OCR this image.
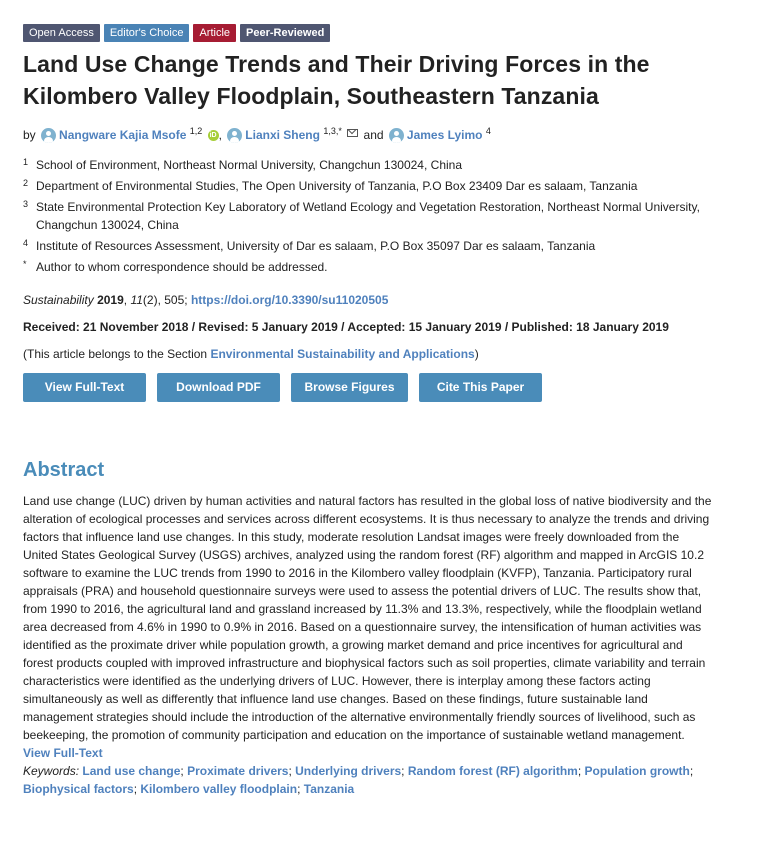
Open Access	Editor's Choice	Article	Peer-Reviewed
Land Use Change Trends and Their Driving Forces in the Kilombero Valley Floodplain, Southeastern Tanzania
by Nangware Kajia Msofe $^{1,2}$ iD , Lianxi Sheng $^{1,3,*}$ and James Lyimo $^4$
1 School of Environment, Northeast Normal University, Changchun 130024, China
2 Department of Environmental Studies, The Open University of Tanzania, P.O Box 23409 Dar es salaam, Tanzania
3 State Environmental Protection Key Laboratory of Wetland Ecology and Vegetation Restoration, Northeast Normal University, Changchun 130024, China
4 Institute of Resources Assessment, University of Dar es salaam, P.O Box 35097 Dar es salaam, Tanzania
* Author to whom correspondence should be addressed.
Sustainability 2019, 11(2), 505; https://doi.org/10.3390/su11020505
Received: 21 November 2018 / Revised: 5 January 2019 / Accepted: 15 January 2019 / Published: 18 January 2019
(This article belongs to the Section Environmental Sustainability and Applications)
View Full-Text	Download PDF	Browse Figures	Cite This Paper
Abstract
Land use change (LUC) driven by human activities and natural factors has resulted in the global loss of native biodiversity and the alteration of ecological processes and services across different ecosystems. It is thus necessary to analyze the trends and driving factors that influence land use changes. In this study, moderate resolution Landsat images were freely downloaded from the United States Geological Survey (USGS) archives, analyzed using the random forest (RF) algorithm and mapped in ArcGIS 10.2 software to examine the LUC trends from 1990 to 2016 in the Kilombero valley floodplain (KVFP), Tanzania. Participatory rural appraisals (PRA) and household questionnaire surveys were used to assess the potential drivers of LUC. The results show that, from 1990 to 2016, the agricultural land and grassland increased by 11.3% and 13.3%, respectively, while the floodplain wetland area decreased from 4.6% in 1990 to 0.9% in 2016. Based on a questionnaire survey, the intensification of human activities was identified as the proximate driver while population growth, a growing market demand and price incentives for agricultural and forest products coupled with improved infrastructure and biophysical factors such as soil properties, climate variability and terrain characteristics were identified as the underlying drivers of LUC. However, there is interplay among these factors acting simultaneously as well as differently that influence land use changes. Based on these findings, future sustainable land management strategies should include the introduction of the alternative environmentally friendly sources of livelihood, such as beekeeping, the promotion of community participation and education on the importance of sustainable wetland management. View Full-Text
Keywords: Land use change; Proximate drivers; Underlying drivers; Random forest (RF) algorithm; Population growth; Biophysical factors; Kilombero valley floodplain; Tanzania
